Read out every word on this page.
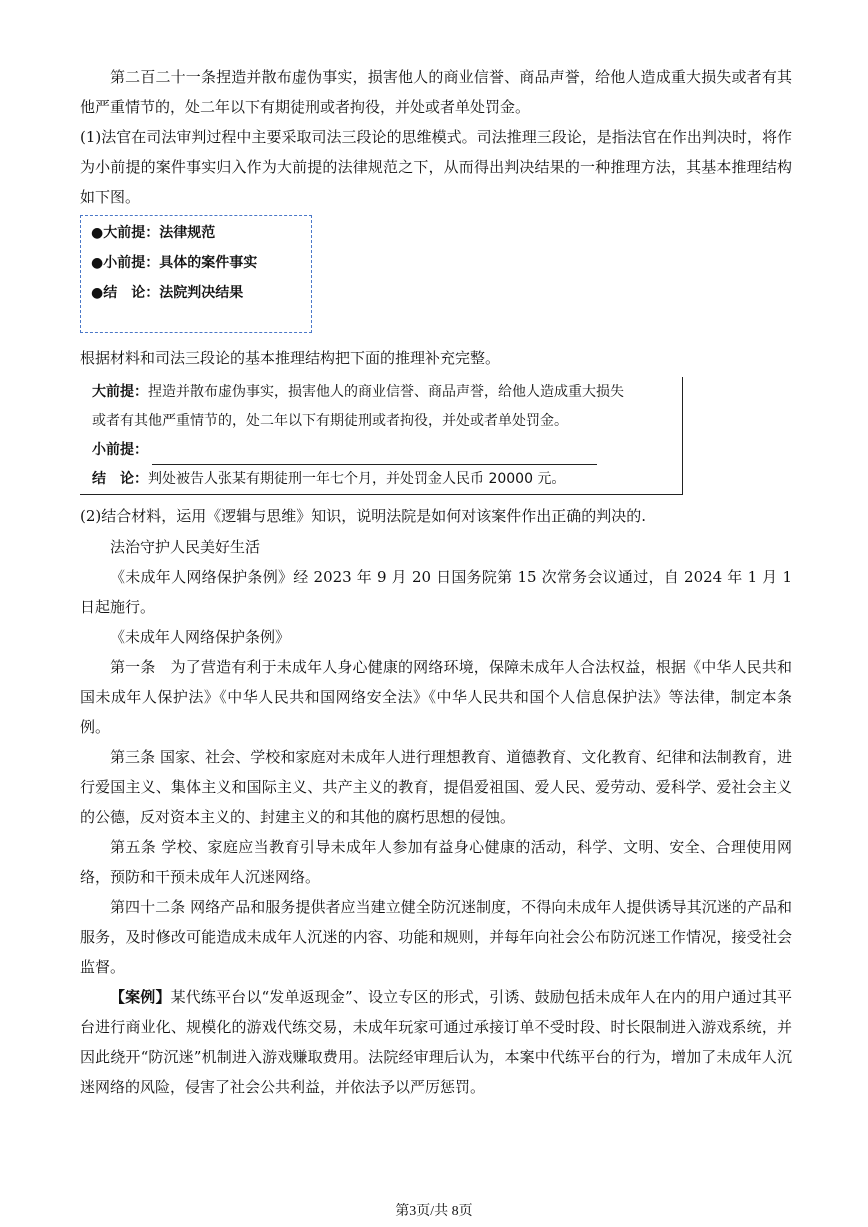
第二百二十一条捏造并散布虚伪事实，损害他人的商业信誉、商品声誉，给他人造成重大损失或者有其他严重情节的，处二年以下有期徒刑或者拘役，并处或者单处罚金。
(1)法官在司法审判过程中主要采取司法三段论的思维模式。司法推理三段论，是指法官在作出判决时，将作为小前提的案件事实归入作为大前提的法律规范之下，从而得出判决结果的一种推理方法，其基本推理结构如下图。
●大前提：法律规范
●小前提：具体的案件事实
●结　论：法院判决结果
根据材料和司法三段论的基本推理结构把下面的推理补充完整。
大前提：捏造并散布虚伪事实，损害他人的商业信誉、商品声誉，给他人造成重大损失
或者有其他严重情节的，处二年以下有期徒刑或者拘役，并处或者单处罚金。
小前提：
结　论：判处被告人张某有期徒刑一年七个月，并处罚金人民币 20000 元。
(2)结合材料，运用《逻辑与思维》知识，说明法院是如何对该案件作出正确的判决的.
法治守护人民美好生活
《未成年人网络保护条例》经 2023 年 9 月 20 日国务院第 15 次常务会议通过，自 2024 年 1 月 1 日起施行。
《未成年人网络保护条例》
第一条　为了营造有利于未成年人身心健康的网络环境，保障未成年人合法权益，根据《中华人民共和国未成年人保护法》《中华人民共和国网络安全法》《中华人民共和国个人信息保护法》等法律，制定本条例。
第三条 国家、社会、学校和家庭对未成年人进行理想教育、道德教育、文化教育、纪律和法制教育，进行爱国主义、集体主义和国际主义、共产主义的教育，提倡爱祖国、爱人民、爱劳动、爱科学、爱社会主义的公德，反对资本主义的、封建主义的和其他的腐朽思想的侵蚀。
第五条 学校、家庭应当教育引导未成年人参加有益身心健康的活动，科学、文明、安全、合理使用网络，预防和干预未成年人沉迷网络。
第四十二条 网络产品和服务提供者应当建立健全防沉迷制度，不得向未成年人提供诱导其沉迷的产品和服务，及时修改可能造成未成年人沉迷的内容、功能和规则，并每年向社会公布防沉迷工作情况，接受社会监督。
【案例】某代练平台以“发单返现金”、设立专区的形式，引诱、鼓励包括未成年人在内的用户通过其平台进行商业化、规模化的游戏代练交易，未成年玩家可通过承接订单不受时段、时长限制进入游戏系统，并因此绕开“防沉迷”机制进入游戏赚取费用。法院经审理后认为，本案中代练平台的行为，增加了未成年人沉迷网络的风险，侵害了社会公共利益，并依法予以严厉惩罚。
第3页/共 8页
